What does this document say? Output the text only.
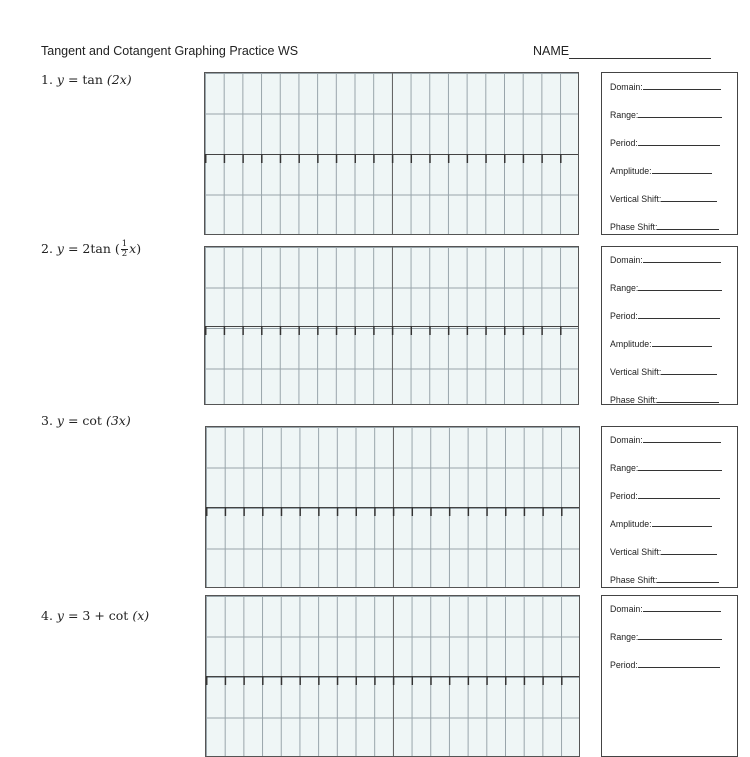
Tangent and Cotangent Graphing Practice WS	NAME
1. y = tan (2x)	Domain:
Range:
Period:
Amplitude:
Vertical Shift:
Phase Shift:
2. y = 2tan ( $\frac{1}{2} x$)
Domain:
Range:
Period:
Amplitude:
Vertical Shift:
Phase Shift:
3. y = cot (3x)
Domain:
Range:
Period:
Amplitude:
Vertical Shift:
Phase Shift:
4. y = 3 + cot (x)	Domain:
Range:
Period:
